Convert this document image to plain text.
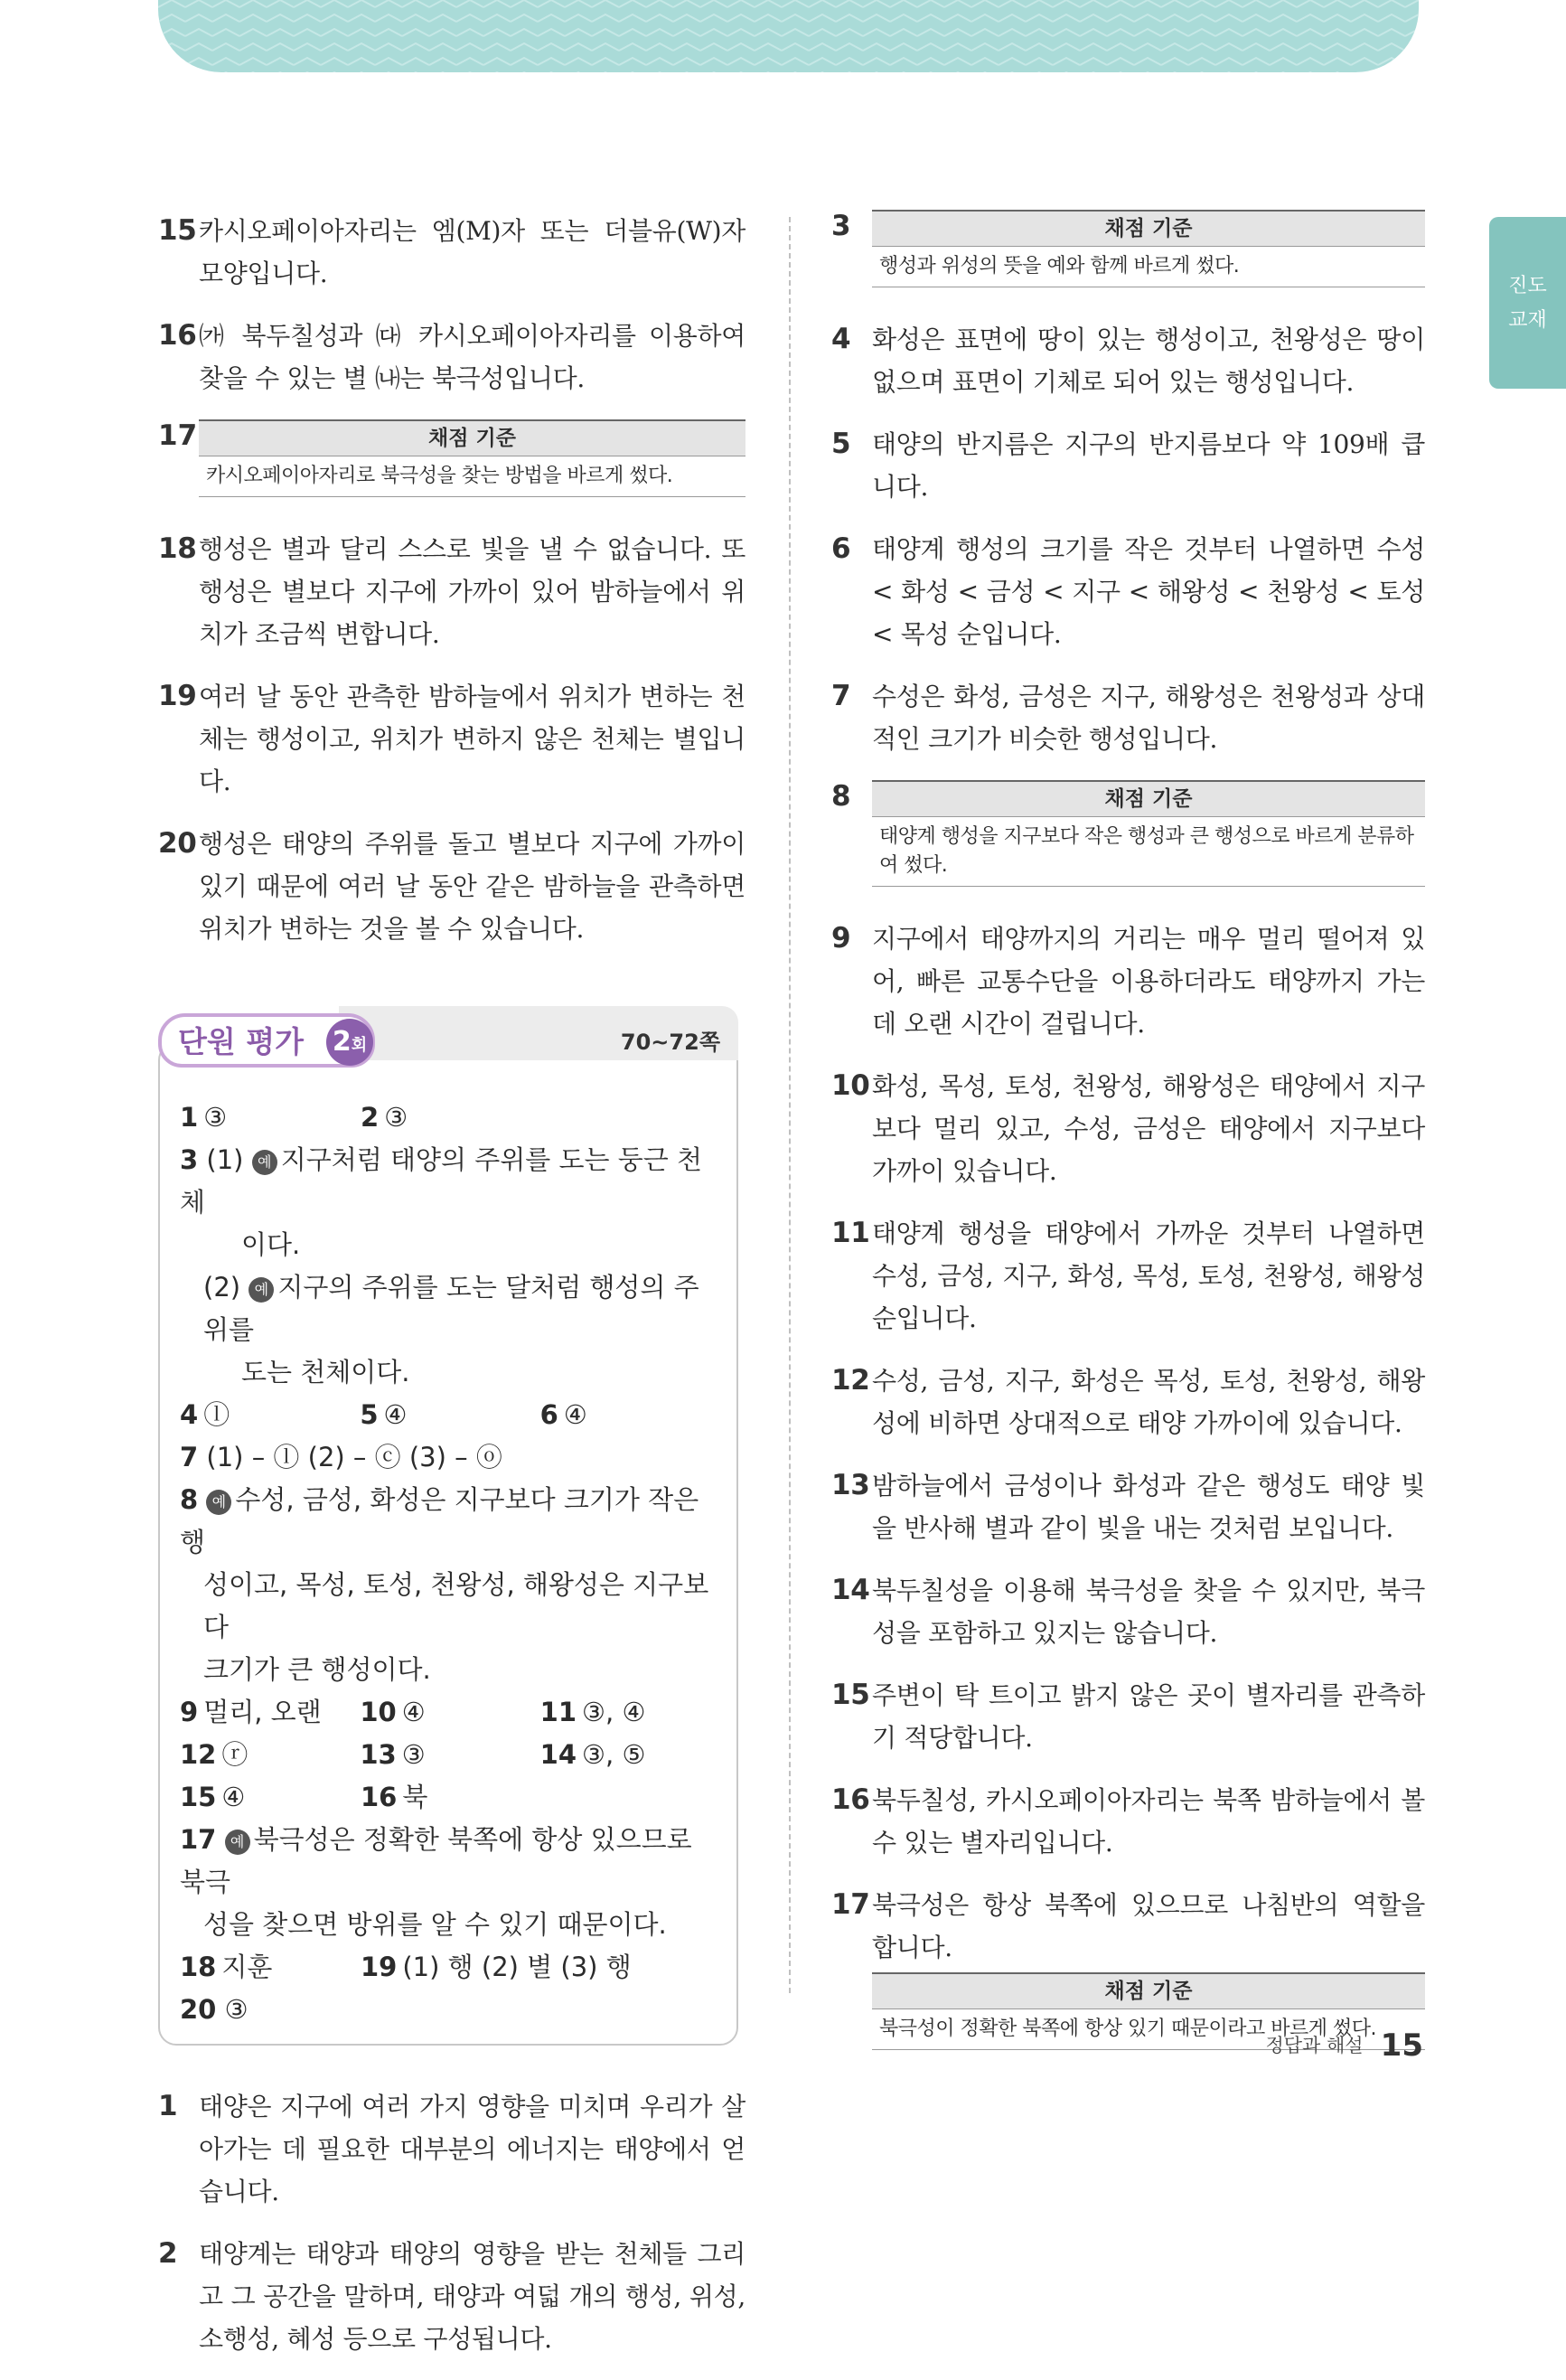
진도
교재
15 카시오페이아자리는 엠(M)자 또는 더블유(W)자 모양입니다.
16 ㈎ 북두칠성과 ㈐ 카시오페이아자리를 이용하여 찾을 수 있는 별 ㈏는 북극성입니다.
17	채점 기준
카시오페이아자리로 북극성을 찾는 방법을 바르게 썼다.
18 행성은 별과 달리 스스로 빛을 낼 수 없습니다. 또 행성은 별보다 지구에 가까이 있어 밤하늘에서 위치가 조금씩 변합니다.
19 여러 날 동안 관측한 밤하늘에서 위치가 변하는 천체는 행성이고, 위치가 변하지 않은 천체는 별입니다.
20 행성은 태양의 주위를 돌고 별보다 지구에 가까이 있기 때문에 여러 날 동안 같은 밤하늘을 관측하면 위치가 변하는 것을 볼 수 있습니다.
단원 평가 2회	70~72쪽
1 ③	2 ③
3 (1) 예 지구처럼 태양의 주위를 도는 둥근 천체
이다.
(2) 예 지구의 주위를 도는 달처럼 행성의 주위를
도는 천체이다.
4 ⓛ	5 ④	6 ④
7 (1) – ⓛ (2) – ⓒ (3) – ⓞ
8 예 수성, 금성, 화성은 지구보다 크기가 작은 행
성이고, 목성, 토성, 천왕성, 해왕성은 지구보다
크기가 큰 행성이다.
9 멀리, 오랜	10 ④	11 ③, ④
12 ⓡ	13 ③	14 ③, ⑤
15 ④	16 북
17 예 북극성은 정확한 북쪽에 항상 있으므로 북극
성을 찾으면 방위를 알 수 있기 때문이다.
18 지훈	19 (1) 행 (2) 별 (3) 행
20 ③
1 태양은 지구에 여러 가지 영향을 미치며 우리가 살아가는 데 필요한 대부분의 에너지는 태양에서 얻습니다.
2 태양계는 태양과 태양의 영향을 받는 천체들 그리고 그 공간을 말하며, 태양과 여덟 개의 행성, 위성, 소행성, 혜성 등으로 구성됩니다.
3	채점 기준
행성과 위성의 뜻을 예와 함께 바르게 썼다.
4 화성은 표면에 땅이 있는 행성이고, 천왕성은 땅이 없으며 표면이 기체로 되어 있는 행성입니다.
5 태양의 반지름은 지구의 반지름보다 약 109배 큽니다.
6 태양계 행성의 크기를 작은 것부터 나열하면 수성 < 화성 < 금성 < 지구 < 해왕성 < 천왕성 < 토성 < 목성 순입니다.
7 수성은 화성, 금성은 지구, 해왕성은 천왕성과 상대적인 크기가 비슷한 행성입니다.
8	채점 기준
태양계 행성을 지구보다 작은 행성과 큰 행성으로 바르게 분류하여 썼다.
9 지구에서 태양까지의 거리는 매우 멀리 떨어져 있어, 빠른 교통수단을 이용하더라도 태양까지 가는 데 오랜 시간이 걸립니다.
10 화성, 목성, 토성, 천왕성, 해왕성은 태양에서 지구보다 멀리 있고, 수성, 금성은 태양에서 지구보다 가까이 있습니다.
11 태양계 행성을 태양에서 가까운 것부터 나열하면 수성, 금성, 지구, 화성, 목성, 토성, 천왕성, 해왕성 순입니다.
12 수성, 금성, 지구, 화성은 목성, 토성, 천왕성, 해왕성에 비하면 상대적으로 태양 가까이에 있습니다.
13 밤하늘에서 금성이나 화성과 같은 행성도 태양 빛을 반사해 별과 같이 빛을 내는 것처럼 보입니다.
14 북두칠성을 이용해 북극성을 찾을 수 있지만, 북극성을 포함하고 있지는 않습니다.
15 주변이 탁 트이고 밝지 않은 곳이 별자리를 관측하기 적당합니다.
16 북두칠성, 카시오페이아자리는 북쪽 밤하늘에서 볼 수 있는 별자리입니다.
17 북극성은 항상 북쪽에 있으므로 나침반의 역할을 합니다.
채점 기준
북극성이 정확한 북쪽에 항상 있기 때문이라고 바르게 썼다.
정답과 해설 15
